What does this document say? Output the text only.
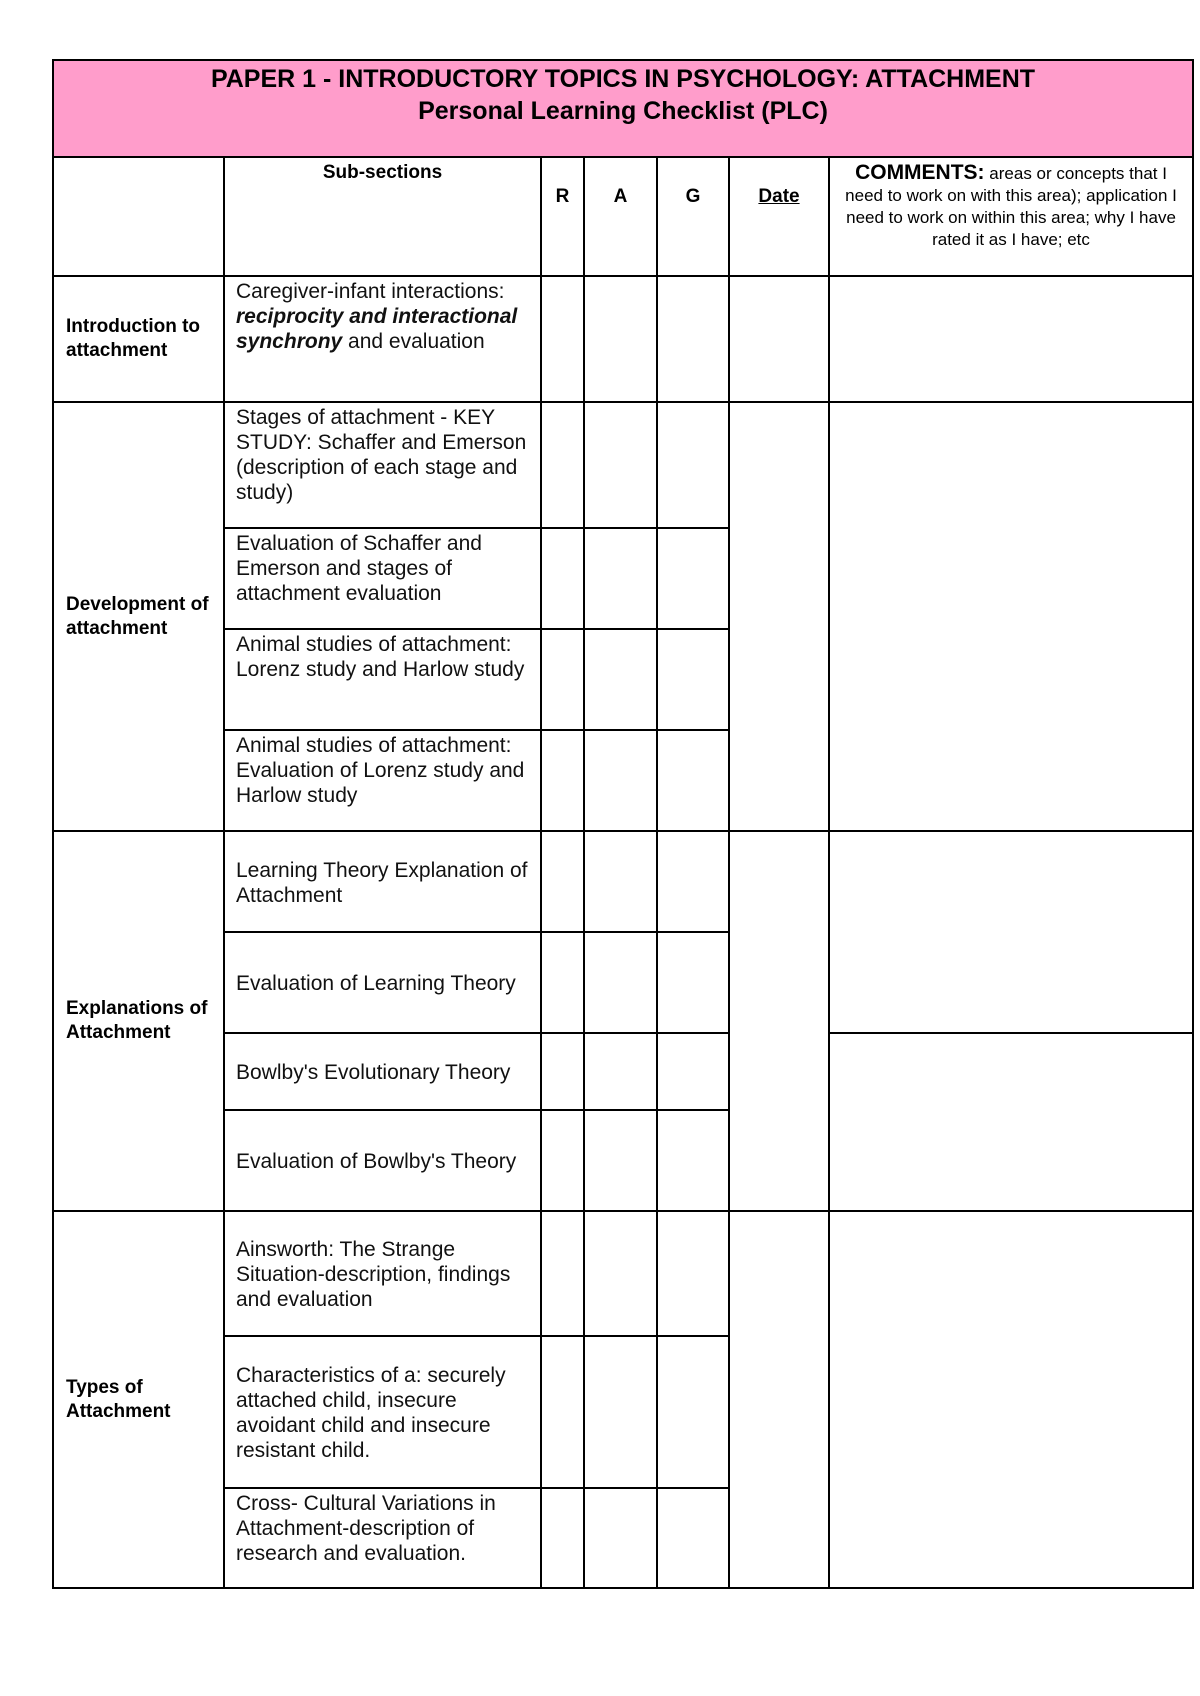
PAPER 1 - INTRODUCTORY TOPICS IN PSYCHOLOGY: ATTACHMENT
Personal Learning Checklist (PLC)						

	Sub-sections	R	A	G	Date	COMMENTS: areas or concepts that I need to work on with this area); application I need to work on within this area; why I have rated it as I have; etc
Introduction to attachment	Caregiver-infant interactions: reciprocity and interactional synchrony and evaluation					
Development of attachment	Stages of attachment - KEY STUDY: Schaffer and Emerson (description of each stage and study)					
	Evaluation of Schaffer and Emerson and stages of attachment evaluation					
	Animal studies of attachment: Lorenz study and Harlow study					
	Animal studies of attachment: Evaluation of Lorenz study and Harlow study					
Explanations of Attachment	Learning Theory Explanation of Attachment					
	Evaluation of Learning Theory					
	Bowlby's Evolutionary Theory					
	Evaluation of Bowlby's Theory					
Types of Attachment	Ainsworth: The Strange Situation-description, findings and evaluation					
	Characteristics of a: securely attached child, insecure avoidant child and insecure resistant child.					
	Cross- Cultural Variations in Attachment-description of research and evaluation.					
